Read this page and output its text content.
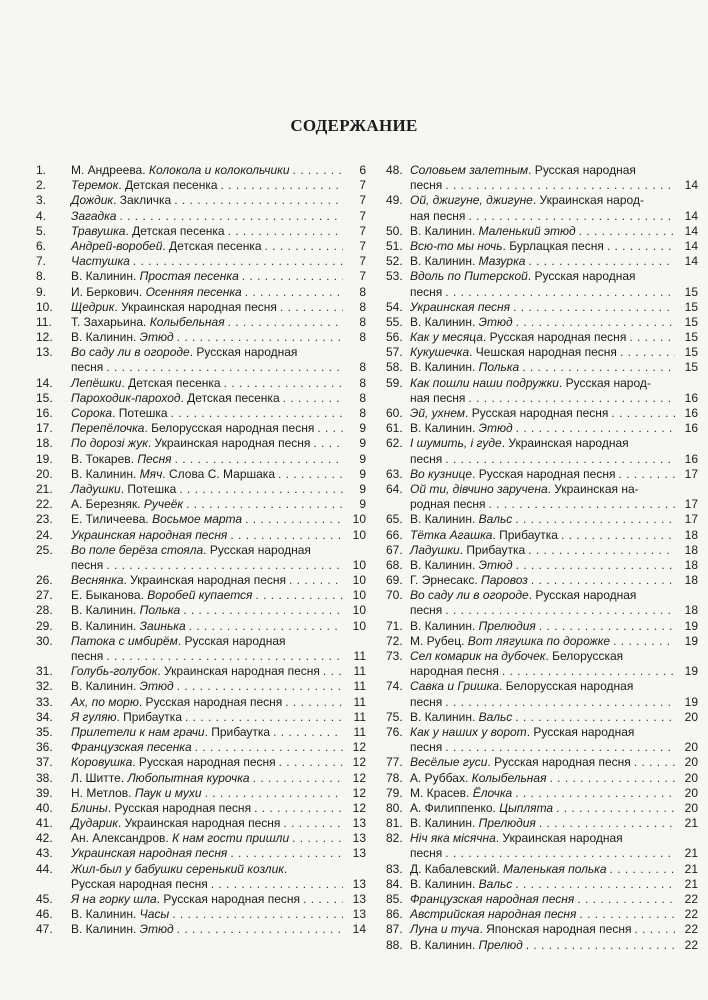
СОДЕРЖАНИЕ
1.	М. Андреева. Колокола и колокольчики . . .	6
2.	Теремок. Детская песенка . . .	7
3.	Дождик. Закличка . . .	7
4.	Загадка . . .	7
5.	Травушка. Детская песенка . . .	7
6.	Андрей-воробей. Детская песенка . . .	7
7.	Частушка . . .	7
8.	В. Калинин. Простая песенка . . .	7
9.	И. Беркович. Осенняя песенка . . .	8
10.	Щедрик. Украинская народная песня . . .	8
11.	Т. Захарьина. Колыбельная . . .	8
12.	В. Калинин. Этюд . . .	8
13.	Во саду ли в огороде. Русская народная
песня . . .	8
14.	Лепёшки. Детская песенка . . .	8
15.	Пароходик-пароход. Детская песенка . . .	8
16.	Сорока. Потешка . . .	8
17.	Перепёлочка. Белорусская народная песня . . .	9
18.	По дорозі жук. Украинская народная песня . . .	9
19.	В. Токарев. Песня . . .	9
20.	В. Калинин. Мяч. Слова С. Маршака . . .	9
21.	Ладушки. Потешка . . .	9
22.	А. Березняк. Ручеёк . . .	9
23.	Е. Тиличеева. Восьмое марта . . .	10
24.	Украинская народная песня . . .	10
25.	Во поле берёза стояла. Русская народная
песня . . .	10
26.	Веснянка. Украинская народная песня . . .	10
27.	Е. Быканова. Воробей купается . . .	10
28.	В. Калинин. Полька . . .	10
29.	В. Калинин. Заинька . . .	10
30.	Патока с имбирём. Русская народная
песня . . .	11
31.	Голубь-голубок. Украинская народная песня . . .	11
32.	В. Калинин. Этюд . . .	11
33.	Ах, по морю. Русская народная песня . . .	11
34.	Я гуляю. Прибаутка . . .	11
35.	Прилетели к нам грачи. Прибаутка . . .	11
36.	Французская песенка . . .	12
37.	Коровушка. Русская народная песня . . .	12
38.	Л. Шитте. Любопытная курочка . . .	12
39.	Н. Метлов. Паук и мухи . . .	12
40.	Блины. Русская народная песня . . .	12
41.	Дударик. Украинская народная песня . . .	13
42.	Ан. Александров. К нам гости пришли . . .	13
43.	Украинская народная песня . . .	13
44.	Жил-был у бабушки серенький козлик.
Русская народная песня . . .	13
45.	Я на горку шла. Русская народная песня . . .	13
46.	В. Калинин. Часы . . .	13
47.	В. Калинин. Этюд . . .	14
48. Соловьем залетным. Русская народная
песня . . .	14
49. Ой, джигуне, джигуне. Украинская народ-
ная песня . . .	14
50. В. Калинин. Маленький этюд . . .	14
51. Всю-то мы ночь. Бурлацкая песня . . .	14
52. В. Калинин. Мазурка . . .	14
53. Вдоль по Питерской. Русская народная
песня . . .	15
54. Украинская песня . . .	15
55. В. Калинин. Этюд . . .	15
56. Как у месяца. Русская народная песня . . .	15
57. Кукушечка. Чешская народная песня . . .	15
58. В. Калинин. Полька . . .	15
59. Как пошли наши подружки. Русская народ-
ная песня . . .	16
60. Эй, ухнем. Русская народная песня . . .	16
61. В. Калинин. Этюд . . .	16
62. І шумить, і гуде. Украинская народная
песня . . .	16
63. Во кузнице. Русская народная песня . . .	17
64. Ой ти, дівчино заручена. Украинская на-
родная песня . . .	17
65. В. Калинин. Вальс . . .	17
66. Тётка Агашка. Прибаутка . . .	18
67. Ладушки. Прибаутка . . .	18
68. В. Калинин. Этюд . . .	18
69. Г. Эрнесакс. Паровоз . . .	18
70. Во саду ли в огороде. Русская народная
песня . . .	18
71. В. Калинин. Прелюдия . . .	19
72. М. Рубец. Вот лягушка по дорожке . . .	19
73. Сел комарик на дубочек. Белорусская
народная песня . . .	19
74. Савка и Гришка. Белорусская народная
песня . . .	19
75. В. Калинин. Вальс . . .	20
76. Как у наших у ворот. Русская народная
песня . . .	20
77. Весёлые гуси. Русская народная песня . . .	20
78. А. Руббах. Колыбельная . . .	20
79. М. Красев. Ёлочка . . .	20
80. А. Филиппенко. Цыплята . . .	20
81. В. Калинин. Прелюдия . . .	21
82. Ніч яка місячна. Украинская народная
песня . . .	21
83. Д. Кабалевский. Маленькая полька . . .	21
84. В. Калинин. Вальс . . .	21
85. Французская народная песня . . .	22
86. Австрийская народная песня . . .	22
87. Луна и туча. Японская народная песня . . .	22
88. В. Калинин. Прелюд . . .	22
